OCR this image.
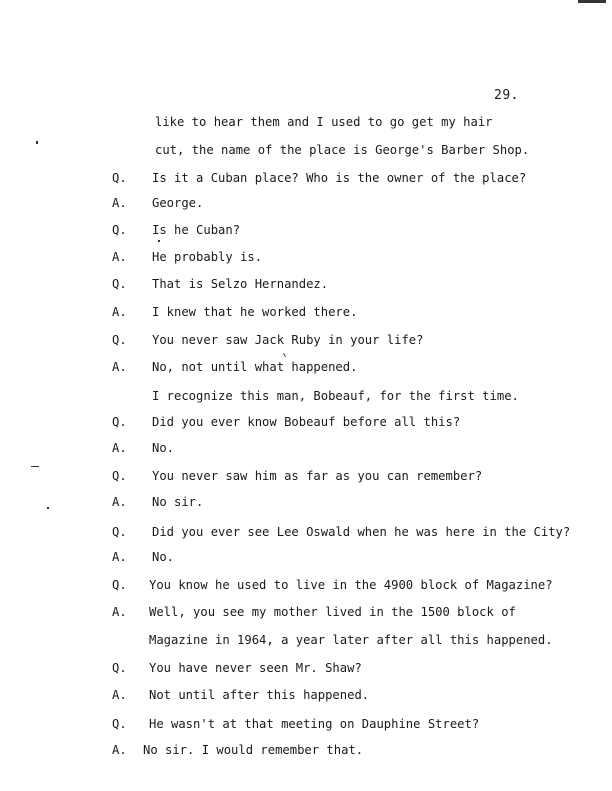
29.
like to hear them and I used to go get my hair
cut, the name of the place is George's Barber Shop.
Q. Is it a Cuban place? Who is the owner of the place?
A. George.
Q. Is he Cuban?
A. He probably is.
Q. That is Selzo Hernandez.
A. I knew that he worked there.
Q. You never saw Jack Ruby in your life?
A. No, not until what happened.
I recognize this man, Bobeauf, for the first time.
Q. Did you ever know Bobeauf before all this?
A. No.
Q. You never saw him as far as you can remember?
A. No sir.
Q. Did you ever see Lee Oswald when he was here in the City?
A. No.
Q. You know he used to live in the 4900 block of Magazine?
A. Well, you see my mother lived in the 1500 block of
Magazine in 1964, a year later after all this happened.
Q. You have never seen Mr. Shaw?
A. Not until after this happened.
Q. He wasn't at that meeting on Dauphine Street?
A. No sir. I would remember that.
